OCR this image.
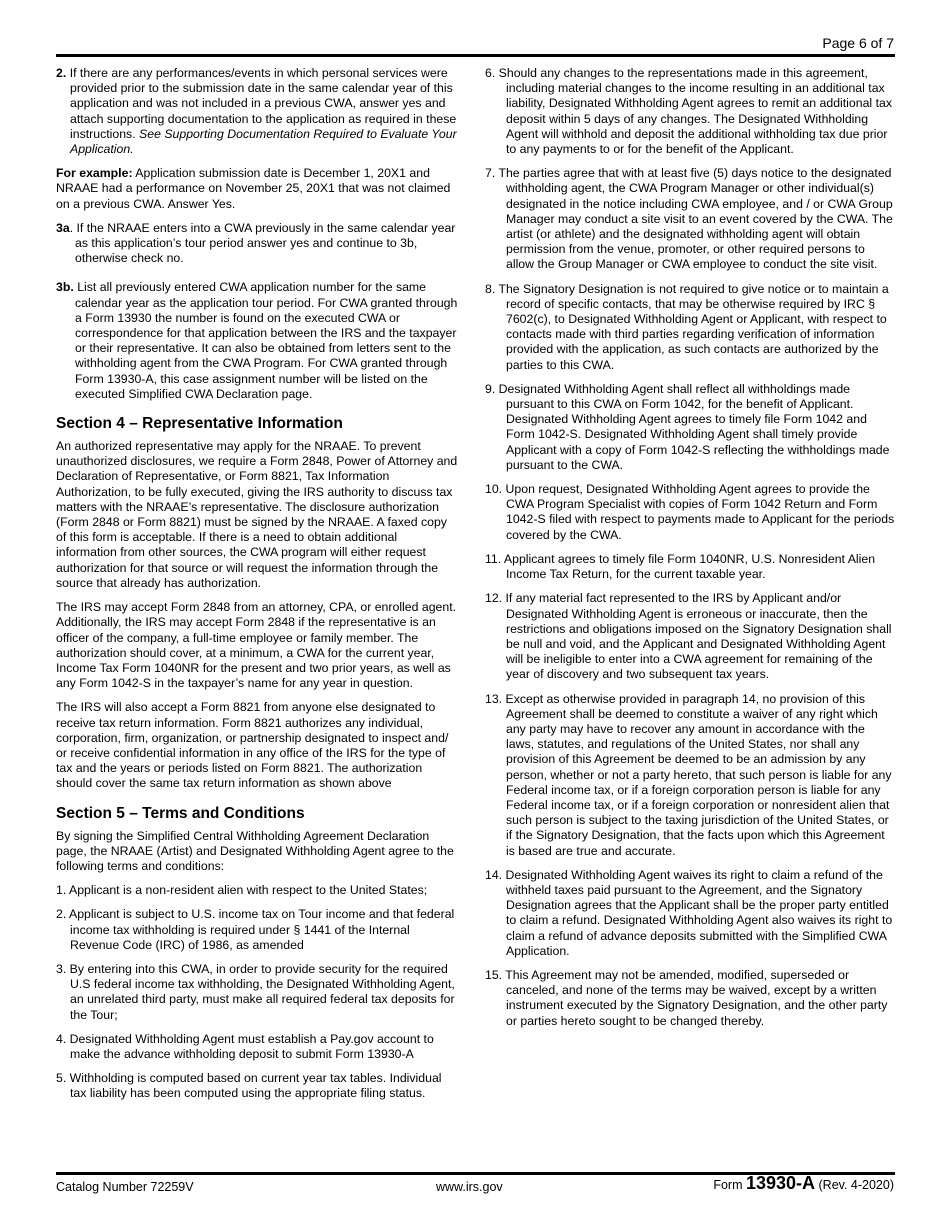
Page 6 of 7

2. If there are any performances/events in which personal services were provided prior to the submission date in the same calendar year of this application and was not included in a previous CWA, answer yes and attach supporting documentation to the application as required in these instructions. See Supporting Documentation Required to Evaluate Your Application.

For example: Application submission date is December 1, 20X1 and NRAAE had a performance on November 25, 20X1 that was not claimed on a previous CWA. Answer Yes.

3a. If the NRAAE enters into a CWA previously in the same calendar year as this application’s tour period answer yes and continue to 3b, otherwise check no.

3b. List all previously entered CWA application number for the same calendar year as the application tour period. For CWA granted through a Form 13930 the number is found on the executed CWA or correspondence for that application between the IRS and the taxpayer or their representative. It can also be obtained from letters sent to the withholding agent from the CWA Program. For CWA granted through Form 13930-A, this case assignment number will be listed on the executed Simplified CWA Declaration page.

Section 4 – Representative Information

An authorized representative may apply for the NRAAE. To prevent unauthorized disclosures, we require a Form 2848, Power of Attorney and Declaration of Representative, or Form 8821, Tax Information Authorization, to be fully executed, giving the IRS authority to discuss tax matters with the NRAAE’s representative. The disclosure authorization (Form 2848 or Form 8821) must be signed by the NRAAE. A faxed copy of this form is acceptable. If there is a need to obtain additional information from other sources, the CWA program will either request authorization for that source or will request the information through the source that already has authorization.

The IRS may accept Form 2848 from an attorney, CPA, or enrolled agent. Additionally, the IRS may accept Form 2848 if the representative is an officer of the company, a full-time employee or family member. The authorization should cover, at a minimum, a CWA for the current year, Income Tax Form 1040NR for the present and two prior years, as well as any Form 1042-S in the taxpayer’s name for any year in question.

The IRS will also accept a Form 8821 from anyone else designated to receive tax return information. Form 8821 authorizes any individual, corporation, firm, organization, or partnership designated to inspect and/ or receive confidential information in any office of the IRS for the type of tax and the years or periods listed on Form 8821. The authorization should cover the same tax return information as shown above

Section 5 – Terms and Conditions

By signing the Simplified Central Withholding Agreement Declaration page, the NRAAE (Artist) and Designated Withholding Agent agree to the following terms and conditions:

1. Applicant is a non-resident alien with respect to the United States;

2. Applicant is subject to U.S. income tax on Tour income and that federal income tax withholding is required under § 1441 of the Internal Revenue Code (IRC) of 1986, as amended

3. By entering into this CWA, in order to provide security for the required U.S federal income tax withholding, the Designated Withholding Agent, an unrelated third party, must make all required federal tax deposits for the Tour;

4. Designated Withholding Agent must establish a Pay.gov account to make the advance withholding deposit to submit Form 13930-A

5. Withholding is computed based on current year tax tables. Individual tax liability has been computed using the appropriate filing status.

6. Should any changes to the representations made in this agreement, including material changes to the income resulting in an additional tax liability, Designated Withholding Agent agrees to remit an additional tax deposit within 5 days of any changes. The Designated Withholding Agent will withhold and deposit the additional withholding tax due prior to any payments to or for the benefit of the Applicant.

7. The parties agree that with at least five (5) days notice to the designated withholding agent, the CWA Program Manager or other individual(s) designated in the notice including CWA employee, and / or CWA Group Manager may conduct a site visit to an event covered by the CWA. The artist (or athlete) and the designated withholding agent will obtain permission from the venue, promoter, or other required persons to allow the Group Manager or CWA employee to conduct the site visit.

8. The Signatory Designation is not required to give notice or to maintain a record of specific contacts, that may be otherwise required by IRC § 7602(c), to Designated Withholding Agent or Applicant, with respect to contacts made with third parties regarding verification of information provided with the application, as such contacts are authorized by the parties to this CWA.

9. Designated Withholding Agent shall reflect all withholdings made pursuant to this CWA on Form 1042, for the benefit of Applicant. Designated Withholding Agent agrees to timely file Form 1042 and Form 1042-S. Designated Withholding Agent shall timely provide Applicant with a copy of Form 1042-S reflecting the withholdings made pursuant to the CWA.

10. Upon request, Designated Withholding Agent agrees to provide the CWA Program Specialist with copies of Form 1042 Return and Form 1042-S filed with respect to payments made to Applicant for the periods covered by the CWA.

11. Applicant agrees to timely file Form 1040NR, U.S. Nonresident Alien Income Tax Return, for the current taxable year.

12. If any material fact represented to the IRS by Applicant and/or Designated Withholding Agent is erroneous or inaccurate, then the restrictions and obligations imposed on the Signatory Designation shall be null and void, and the Applicant and Designated Withholding Agent will be ineligible to enter into a CWA agreement for remaining of the year of discovery and two subsequent tax years.

13. Except as otherwise provided in paragraph 14, no provision of this Agreement shall be deemed to constitute a waiver of any right which any party may have to recover any amount in accordance with the laws, statutes, and regulations of the United States, nor shall any provision of this Agreement be deemed to be an admission by any person, whether or not a party hereto, that such person is liable for any Federal income tax, or if a foreign corporation person is liable for any Federal income tax, or if a foreign corporation or nonresident alien that such person is subject to the taxing jurisdiction of the United States, or if the Signatory Designation, that the facts upon which this Agreement is based are true and accurate.

14. Designated Withholding Agent waives its right to claim a refund of the withheld taxes paid pursuant to the Agreement, and the Signatory Designation agrees that the Applicant shall be the proper party entitled to claim a refund. Designated Withholding Agent also waives its right to claim a refund of advance deposits submitted with the Simplified CWA Application.

15. This Agreement may not be amended, modified, superseded or canceled, and none of the terms may be waived, except by a written instrument executed by the Signatory Designation, and the other party or parties hereto sought to be changed thereby.

Catalog Number 72259V	www.irs.gov	Form 13930-A (Rev. 4-2020)
